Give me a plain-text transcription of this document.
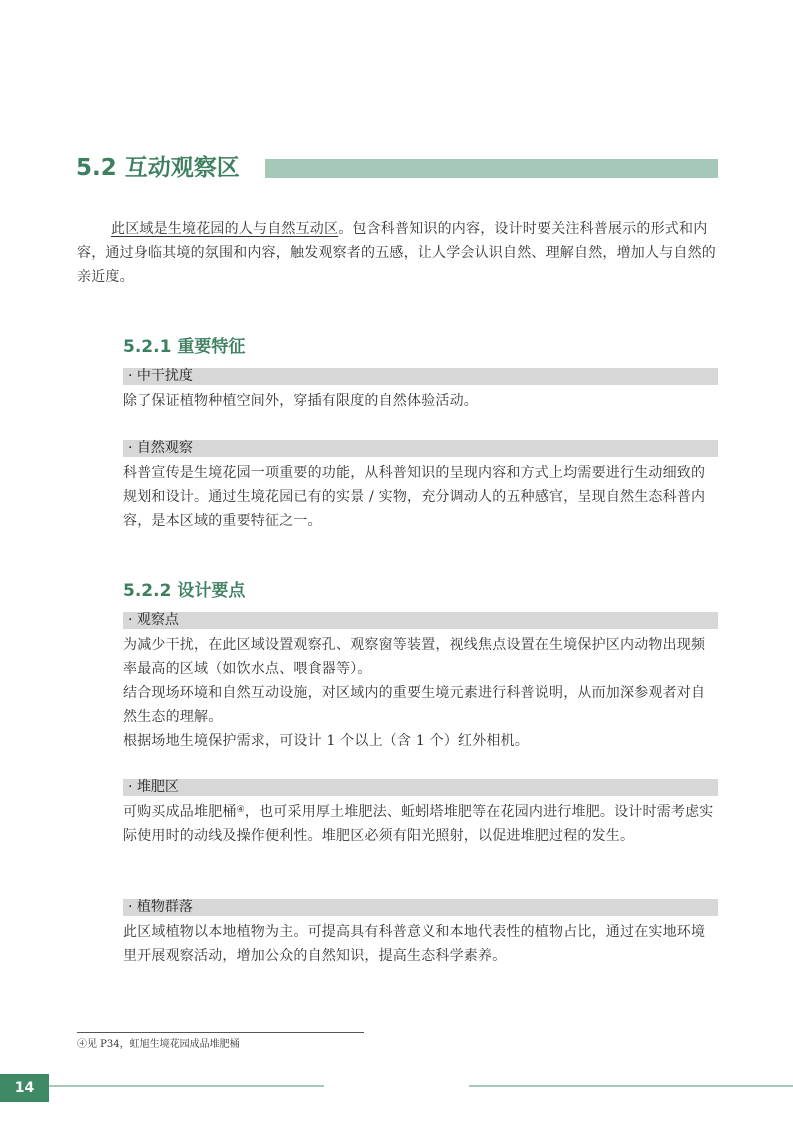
5.2 互动观察区
此区域是生境花园的人与自然互动区。包含科普知识的内容，设计时要关注科普展示的形式和内容，通过身临其境的氛围和内容，触发观察者的五感，让人学会认识自然、理解自然，增加人与自然的亲近度。
5.2.1 重要特征
· 中干扰度

除了保证植物种植空间外，穿插有限度的自然体验活动。

· 自然观察

科普宣传是生境花园一项重要的功能，从科普知识的呈现内容和方式上均需要进行生动细致的规划和设计。通过生境花园已有的实景 / 实物，充分调动人的五种感官，呈现自然生态科普内容，是本区域的重要特征之一。

5.2.2 设计要点
· 观察点

为减少干扰，在此区域设置观察孔、观察窗等装置，视线焦点设置在生境保护区内动物出现频率最高的区域（如饮水点、喂食器等）。

结合现场环境和自然互动设施，对区域内的重要生境元素进行科普说明，从而加深参观者对自然生态的理解。

根据场地生境保护需求，可设计 1 个以上（含 1 个）红外相机。

· 堆肥区

可购买成品堆肥桶④，也可采用厚土堆肥法、蚯蚓塔堆肥等在花园内进行堆肥。设计时需考虑实际使用时的动线及操作便利性。堆肥区必须有阳光照射，以促进堆肥过程的发生。

· 植物群落

此区域植物以本地植物为主。可提高具有科普意义和本地代表性的植物占比，通过在实地环境里开展观察活动，增加公众的自然知识，提高生态科学素养。

④见 P34，虹旭生境花园成品堆肥桶
14
